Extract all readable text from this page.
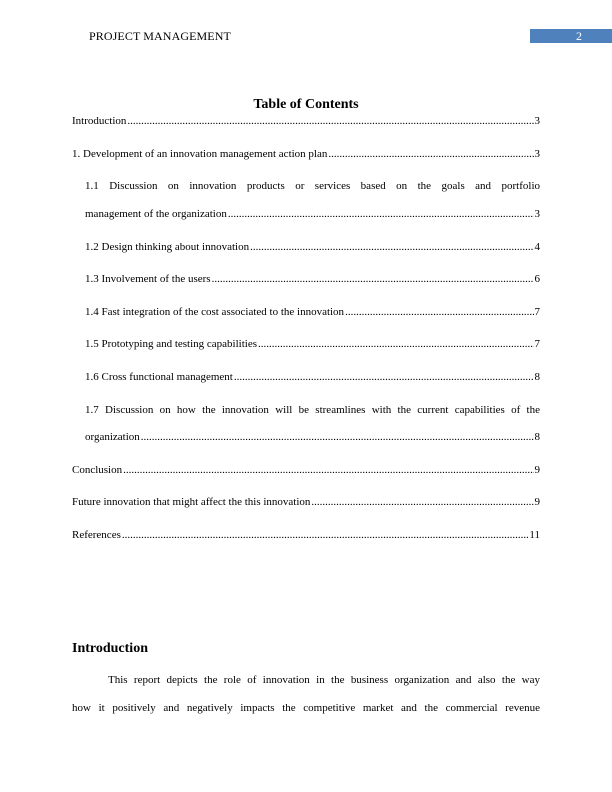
PROJECT MANAGEMENT	2
Table of Contents
Introduction .....	3
1. Development of an innovation management action plan .....	3
1.1 Discussion on innovation products or services based on the goals and portfolio
management of the organization .....	3
1.2 Design thinking about innovation .....	4
1.3 Involvement of the users .....	6
1.4 Fast integration of the cost associated to the innovation .....	7
1.5 Prototyping and testing capabilities .....	7
1.6 Cross functional management .....	8
1.7 Discussion on how the innovation will be streamlines with the current capabilities of the
organization .....	8
Conclusion .....	9
Future innovation that might affect the this innovation .....	9
References .....	11
Introduction
This report depicts the role of innovation in the business organization and also the way
how it positively and negatively impacts the competitive market and the commercial revenue
